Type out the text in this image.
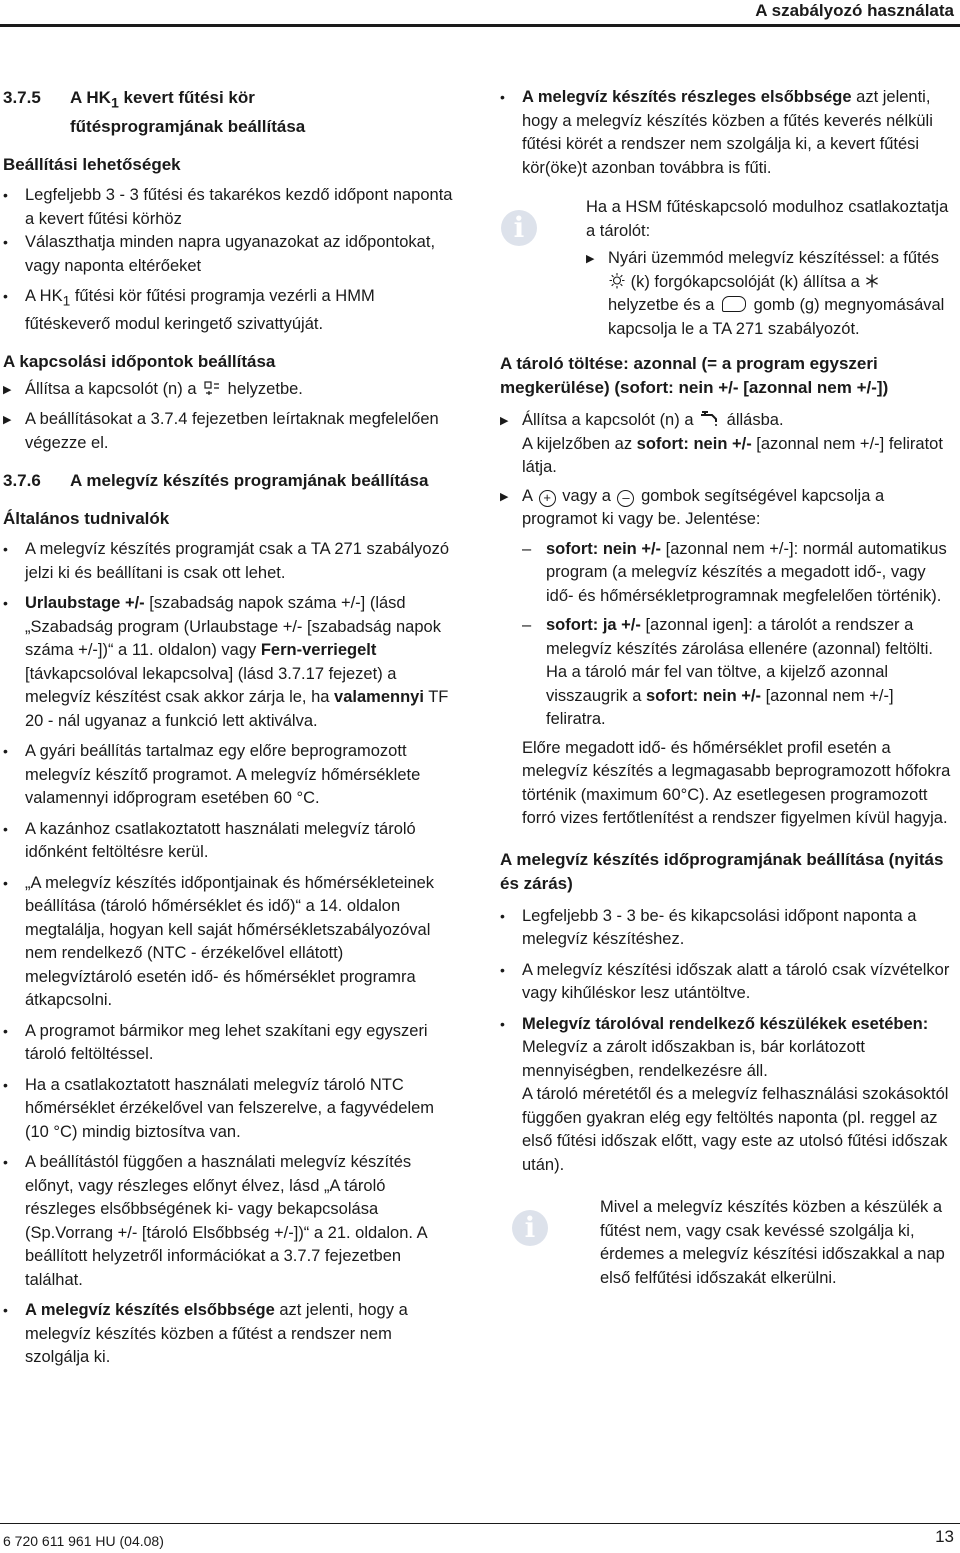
A szabályozó használata
3.7.5	A $HK_1$ kevert fűtési kör
fűtésprogramjának beállítása
Beállítási lehetőségek
•	Legfeljebb 3 - 3 fűtési és takarékos kezdő időpont naponta a kevert fűtési körhöz
•	Választhatja minden napra ugyanazokat az időpontokat, vagy naponta eltérőeket
•	A $HK_1$ fűtési kör fűtési programja vezérli a HMM fűtéskeverő modul keringető szivattyúját.
A kapcsolási időpontok beállítása
▶ Állítsa a kapcsolót (n) a  helyzetbe.
▶ A beállításokat a 3.7.4 fejezetben leírtaknak megfelelően végezze el.
3.7.6	A melegvíz készítés programjának beállítása
Általános tudnivalók
•	A melegvíz készítés programját csak a TA 271 szabályozó jelzi ki és beállítani is csak ott lehet.
•	Urlaubstage +/- [szabadság napok száma +/-] (lásd „Szabadság program (Urlaubstage +/- [szabadság napok száma +/-])“ a 11. oldalon) vagy Fern-verriegelt [távkapcsolóval lekapcsolva] (lásd 3.7.17 fejezet) a melegvíz készítést csak akkor zárja le, ha valamennyi TF 20 - nál ugyanaz a funkció lett aktiválva.
•	A gyári beállítás tartalmaz egy előre beprogramozott melegvíz készítő programot. A melegvíz hőmérséklete valamennyi időprogram esetében 60 °C.
•	A kazánhoz csatlakoztatott használati melegvíz tároló időnként feltöltésre kerül.
•	„A melegvíz készítés időpontjainak és hőmérsékleteinek beállítása (tároló hőmérséklet és idő)“ a 14. oldalon megtalálja, hogyan kell saját hőmérsékletszabályozóval nem rendelkező (NTC - érzékelővel ellátott) melegvíztároló esetén idő- és hőmérséklet programra átkapcsolni.
•	A programot bármikor meg lehet szakítani egy egyszeri tároló feltöltéssel.
•	Ha a csatlakoztatott használati melegvíz tároló NTC hőmérséklet érzékelővel van felszerelve, a fagyvédelem (10 °C) mindig biztosítva van.
•	A beállítástól függően a használati melegvíz készítés előnyt, vagy részleges előnyt élvez, lásd „A tároló részleges elsőbbségének ki- vagy bekapcsolása (Sp.Vorrang +/- [tároló Elsőbbség +/-])“ a 21. oldalon. A beállított helyzetről információkat a 3.7.7 fejezetben találhat.
•	A melegvíz készítés elsőbbsége azt jelenti, hogy a melegvíz készítés közben a fűtést a rendszer nem szolgálja ki.
•	A melegvíz készítés részleges elsőbbsége azt jelenti, hogy a melegvíz készítés közben a fűtés keverés nélküli fűtési körét a rendszer nem szolgálja ki, a kevert fűtési kör(öke)t azonban továbbra is fűti.
i
Ha a HSM fűtéskapcsoló modulhoz csatlakoztatja a tárolót:
▶ Nyári üzemmód melegvíz készítéssel: a fűtés  (k) forgókapcsolóját (k) állítsa a  helyzetbe és a  gomb (g) megnyomásával kapcsolja le a TA 271 szabályozót.
A tároló töltése: azonnal (= a program egyszeri megkerülése) (sofort: nein +/- [azonnal nem +/-])
▶ Állítsa a kapcsolót (n) a  állásba.
A kijelzőben az sofort: nein +/- [azonnal nem +/-] feliratot látja.
▶ A + vagy a – gombok segítségével kapcsolja a programot ki vagy be. Jelentése:
– sofort: nein +/- [azonnal nem +/-]: normál automatikus program (a melegvíz készítés a megadott idő-, vagy idő- és hőmérsékletprogramnak megfelelően történik).
– sofort: ja +/- [azonnal igen]: a tárolót a rendszer a melegvíz készítés zárolása ellenére (azonnal) feltölti. Ha a tároló már fel van töltve, a kijelző azonnal visszaugrik a sofort: nein +/- [azonnal nem +/-] feliratra.
Előre megadott idő- és hőmérséklet profil esetén a melegvíz készítés a legmagasabb beprogramozott hőfokra történik (maximum 60°C). Az esetlegesen programozott forró vizes fertőtlenítést a rendszer figyelmen kívül hagyja.
A melegvíz készítés időprogramjának beállítása (nyitás és zárás)
•	Legfeljebb 3 - 3 be- és kikapcsolási időpont naponta a melegvíz készítéshez.
•	A melegvíz készítési időszak alatt a tároló csak vízvételkor vagy kihűléskor lesz utántöltve.
•	Melegvíz tárolóval rendelkező készülékek esetében:
Melegvíz a zárolt időszakban is, bár korlátozott mennyiségben, rendelkezésre áll.
A tároló méretétől és a melegvíz felhasználási szokásoktól függően gyakran elég egy feltöltés naponta (pl. reggel az első fűtési időszak előtt, vagy este az utolsó fűtési időszak után).
i
Mivel a melegvíz készítés közben a készülék a fűtést nem, vagy csak kevéssé szolgálja ki, érdemes a melegvíz készítési időszakkal a nap első felfűtési időszakát elkerülni.
6 720 611 961 HU (04.08)	13
